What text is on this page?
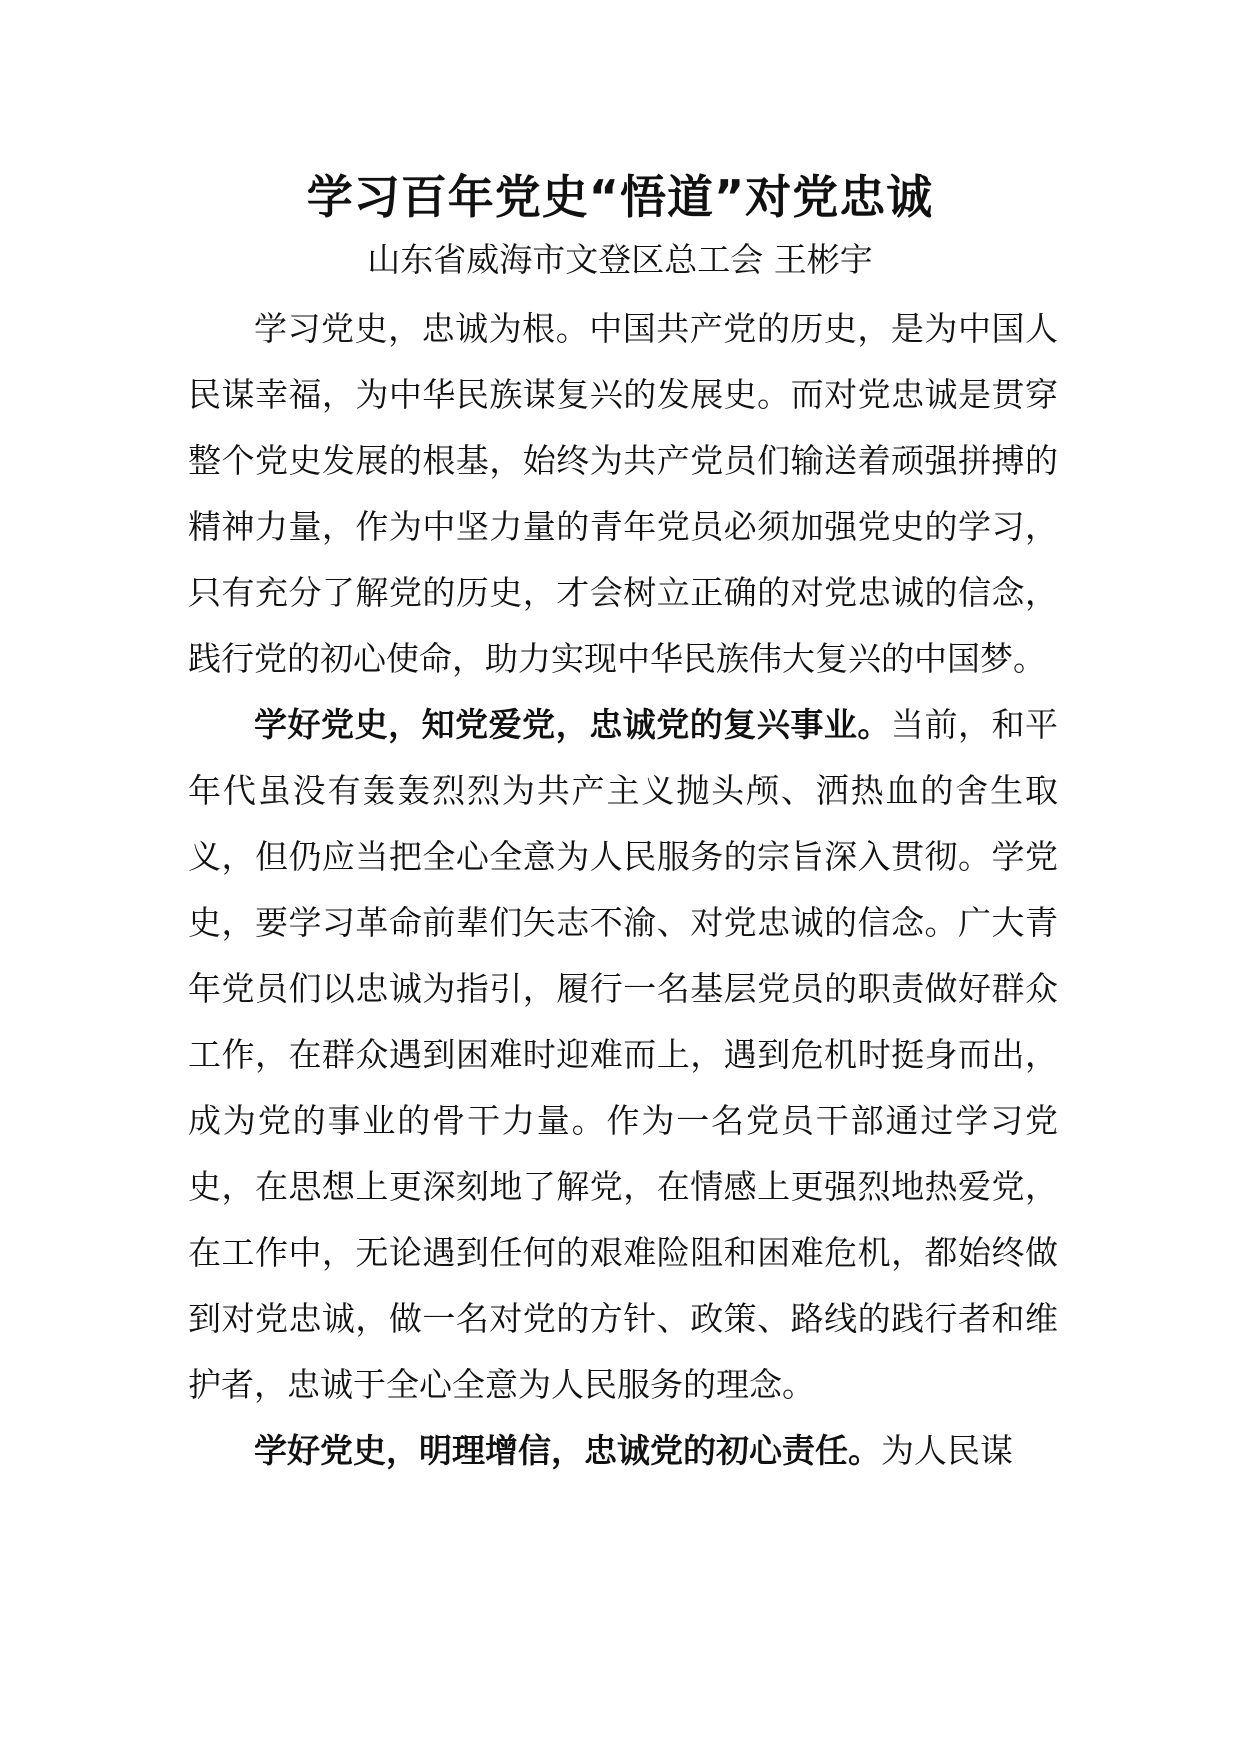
学习百年党史“悟道”对党忠诚
山东省威海市文登区总工会 王彬宇

学习党史，忠诚为根。中国共产党的历史，是为中国人民谋幸福，为中华民族谋复兴的发展史。而对党忠诚是贯穿整个党史发展的根基，始终为共产党员们输送着顽强拼搏的精神力量，作为中坚力量的青年党员必须加强党史的学习，只有充分了解党的历史，才会树立正确的对党忠诚的信念，践行党的初心使命，助力实现中华民族伟大复兴的中国梦。

学好党史，知党爱党，忠诚党的复兴事业。当前，和平年代虽没有轰轰烈烈为共产主义抛头颅、洒热血的舍生取义，但仍应当把全心全意为人民服务的宗旨深入贯彻。学党史，要学习革命前辈们矢志不渝、对党忠诚的信念。广大青年党员们以忠诚为指引，履行一名基层党员的职责做好群众工作，在群众遇到困难时迎难而上，遇到危机时挺身而出，成为党的事业的骨干力量。作为一名党员干部通过学习党史，在思想上更深刻地了解党，在情感上更强烈地热爱党，在工作中，无论遇到任何的艰难险阻和困难危机，都始终做到对党忠诚，做一名对党的方针、政策、路线的践行者和维护者，忠诚于全心全意为人民服务的理念。

学好党史，明理增信，忠诚党的初心责任。为人民谋
